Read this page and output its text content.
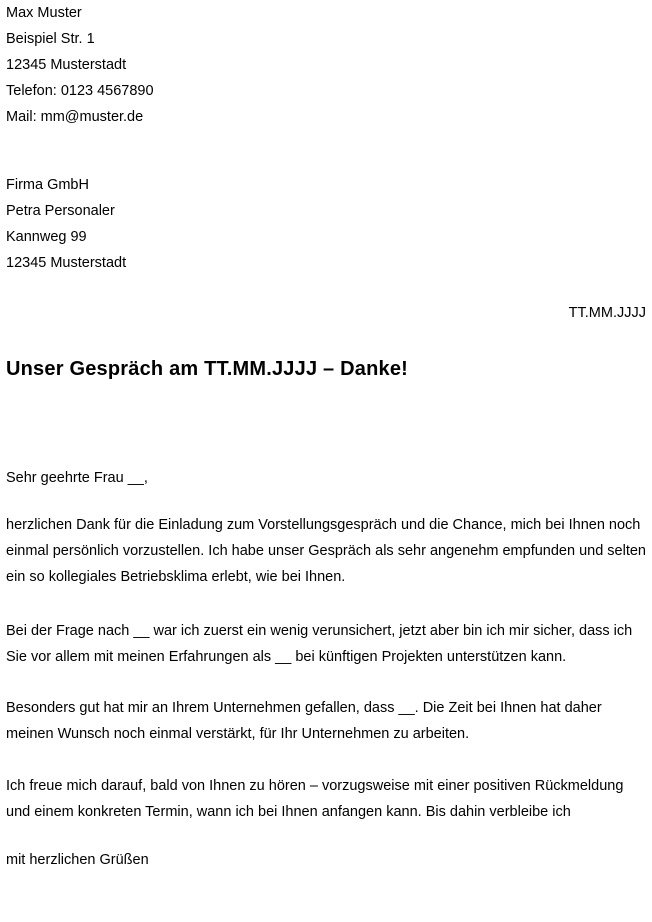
Max Muster
Beispiel Str. 1
12345 Musterstadt
Telefon: 0123 4567890
Mail: mm@muster.de
Firma GmbH
Petra Personaler
Kannweg 99
12345 Musterstadt
TT.MM.JJJJ
Unser Gespräch am TT.MM.JJJJ – Danke!
Sehr geehrte Frau __,

herzlichen Dank für die Einladung zum Vorstellungsgespräch und die Chance, mich bei Ihnen noch einmal persönlich vorzustellen. Ich habe unser Gespräch als sehr angenehm empfunden und selten ein so kollegiales Betriebsklima erlebt, wie bei Ihnen.

Bei der Frage nach __ war ich zuerst ein wenig verunsichert, jetzt aber bin ich mir sicher, dass ich Sie vor allem mit meinen Erfahrungen als __ bei künftigen Projekten unterstützen kann.

Besonders gut hat mir an Ihrem Unternehmen gefallen, dass __. Die Zeit bei Ihnen hat daher meinen Wunsch noch einmal verstärkt, für Ihr Unternehmen zu arbeiten.

Ich freue mich darauf, bald von Ihnen zu hören – vorzugsweise mit einer positiven Rückmeldung und einem konkreten Termin, wann ich bei Ihnen anfangen kann. Bis dahin verbleibe ich

mit herzlichen Grüßen
